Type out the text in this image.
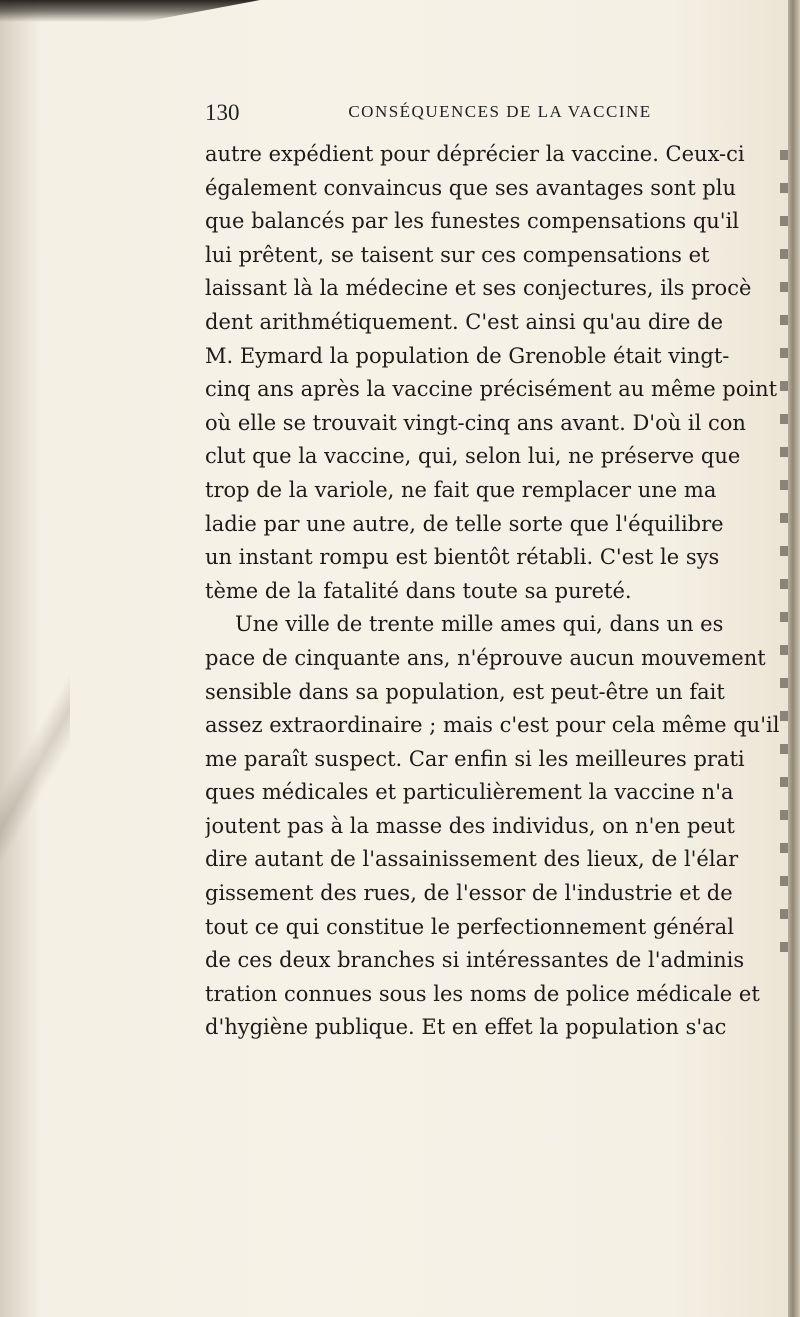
130	CONSÉQUENCES DE LA VACCINE
autre expédient pour déprécier la vaccine. Ceux-ci
également convaincus que ses avantages sont plu
que balancés par les funestes compensations qu'il
lui prêtent, se taisent sur ces compensations et
laissant là la médecine et ses conjectures, ils procè
dent arithmétiquement. C'est ainsi qu'au dire de
M. Eymard la population de Grenoble était vingt-
cinq ans après la vaccine précisément au même point
où elle se trouvait vingt-cinq ans avant. D'où il con
clut que la vaccine, qui, selon lui, ne préserve que
trop de la variole, ne fait que remplacer une ma
ladie par une autre, de telle sorte que l'équilibre
un instant rompu est bientôt rétabli. C'est le sys
tème de la fatalité dans toute sa pureté.
Une ville de trente mille ames qui, dans un es
pace de cinquante ans, n'éprouve aucun mouvement
sensible dans sa population, est peut-être un fait
assez extraordinaire ; mais c'est pour cela même qu'il
me paraît suspect. Car enfin si les meilleures prati
ques médicales et particulièrement la vaccine n'a
joutent pas à la masse des individus, on n'en peut
dire autant de l'assainissement des lieux, de l'élar
gissement des rues, de l'essor de l'industrie et de
tout ce qui constitue le perfectionnement général
de ces deux branches si intéressantes de l'adminis
tration connues sous les noms de police médicale et
d'hygiène publique. Et en effet la population s'ac
